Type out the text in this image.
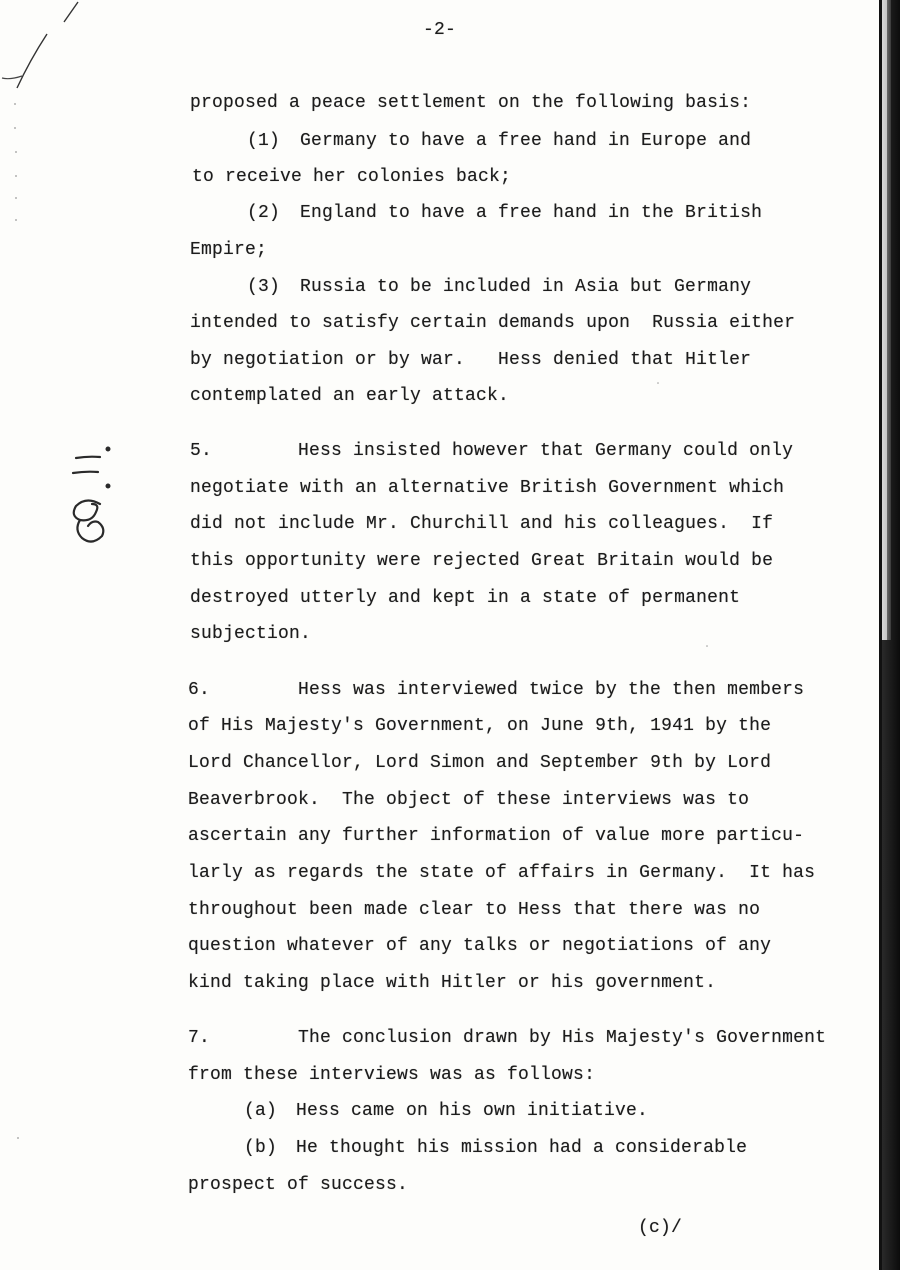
-2-
proposed a peace settlement on the following basis:
(1) Germany to have a free hand in Europe and
to receive her colonies back;
(2) England to have a free hand in the British
Empire;
(3) Russia to be included in Asia but Germany
intended to satisfy certain demands upon  Russia either
by negotiation or by war.   Hess denied that Hitler
contemplated an early attack.
5.	Hess insisted however that Germany could only
negotiate with an alternative British Government which
did not include Mr. Churchill and his colleagues.  If
this opportunity were rejected Great Britain would be
destroyed utterly and kept in a state of permanent
subjection.
6.	Hess was interviewed twice by the then members
of His Majesty's Government, on June 9th, 1941 by the
Lord Chancellor, Lord Simon and September 9th by Lord
Beaverbrook.  The object of these interviews was to
ascertain any further information of value more particu-
larly as regards the state of affairs in Germany.  It has
throughout been made clear to Hess that there was no
question whatever of any talks or negotiations of any
kind taking place with Hitler or his government.
7.	The conclusion drawn by His Majesty's Government
from these interviews was as follows:
(a) Hess came on his own initiative.
(b) He thought his mission had a considerable
prospect of success.
(c)/
